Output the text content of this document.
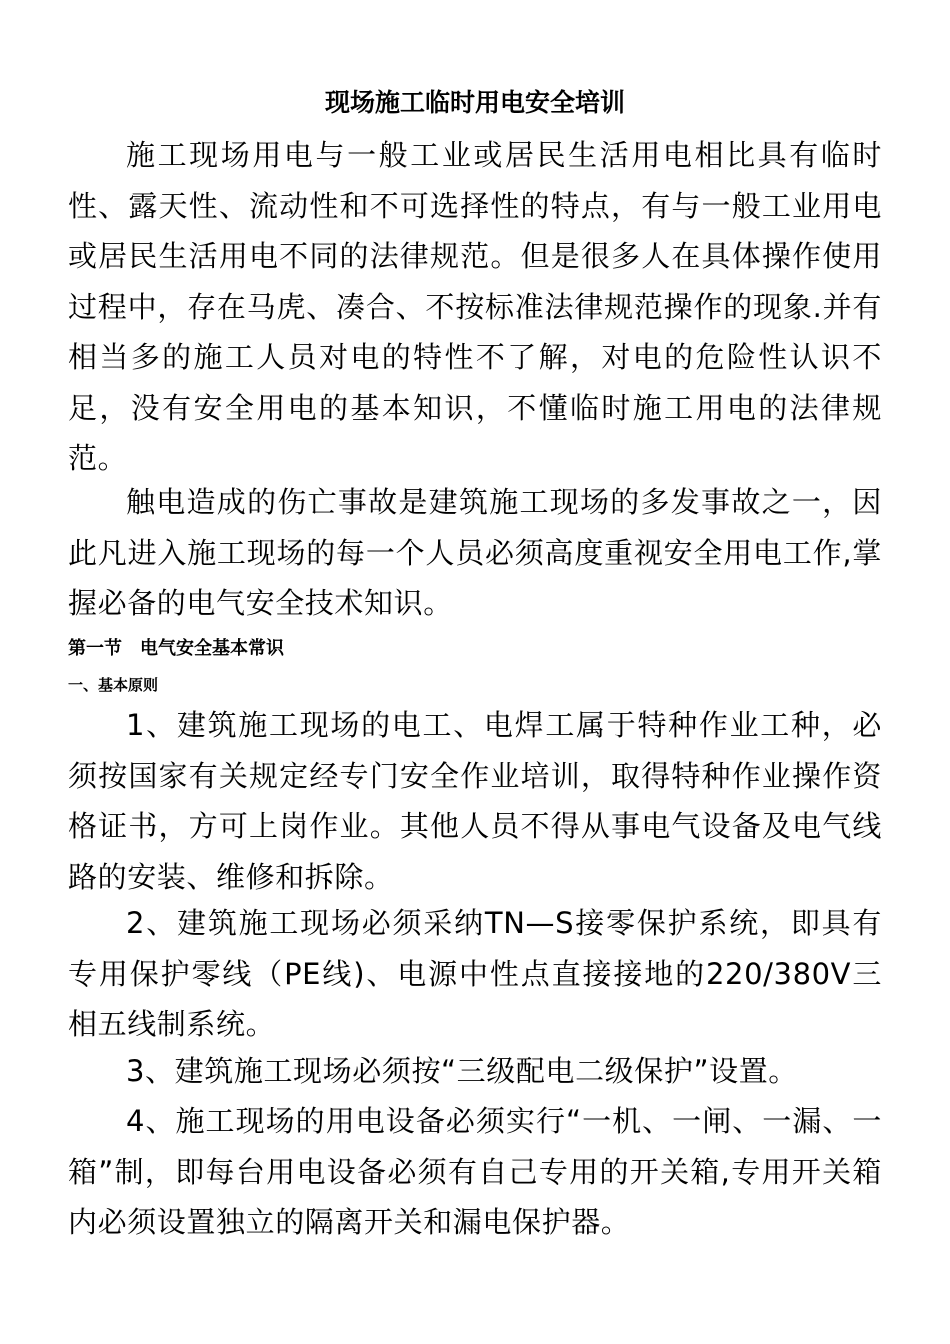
现场施工临时用电安全培训

施工现场用电与一般工业或居民生活用电相比具有临时性、露天性、流动性和不可选择性的特点，有与一般工业用电或居民生活用电不同的法律规范。但是很多人在具体操作使用过程中，存在马虎、凑合、不按标准法律规范操作的现象.并有相当多的施工人员对电的特性不了解，对电的危险性认识不足，没有安全用电的基本知识，不懂临时施工用电的法律规范。

触电造成的伤亡事故是建筑施工现场的多发事故之一，因此凡进入施工现场的每一个人员必须高度重视安全用电工作,掌握必备的电气安全技术知识。

第一节　电气安全基本常识
一、基本原则

1、建筑施工现场的电工、电焊工属于特种作业工种，必须按国家有关规定经专门安全作业培训，取得特种作业操作资格证书，方可上岗作业。其他人员不得从事电气设备及电气线路的安装、维修和拆除。

2、建筑施工现场必须采纳TN—S接零保护系统，即具有专用保护零线（PE线)、电源中性点直接接地的220/380V三相五线制系统。

3、建筑施工现场必须按“三级配电二级保护”设置。

4、施工现场的用电设备必须实行“一机、一闸、一漏、一箱”制，即每台用电设备必须有自己专用的开关箱,专用开关箱内必须设置独立的隔离开关和漏电保护器。
